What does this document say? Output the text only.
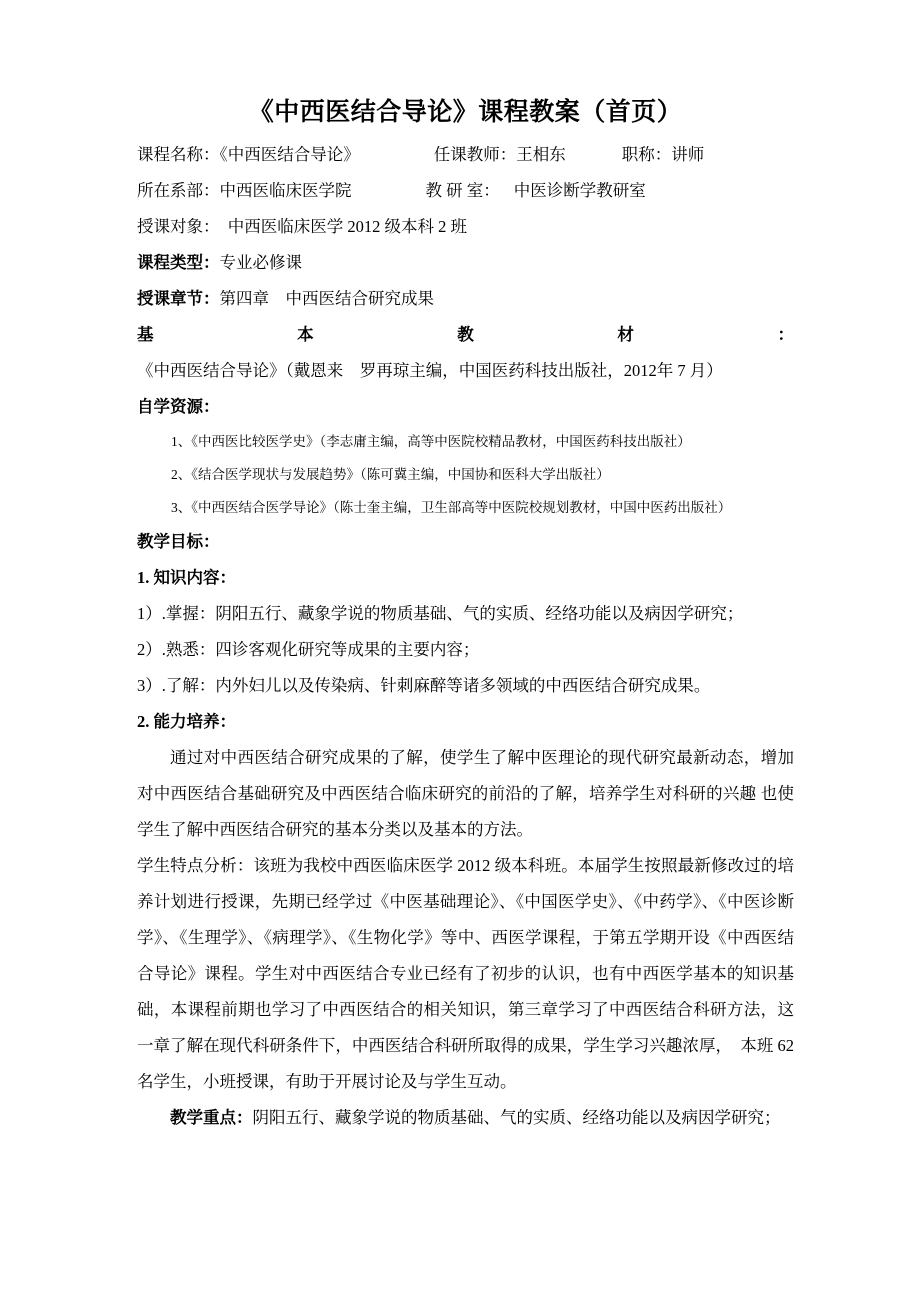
《中西医结合导论》课程教案（首页）
课程名称：《中西医结合导论》	任课教师：王相东	职称：讲师
所在系部：中西医临床医学院	教 研 室： 中医诊断学教研室

授课对象：　中西医临床医学 2012 级本科 2 班

课程类型：专业必修课

授课章节：第四章　中西医结合研究成果

基本教材：《中西医结合导论》（戴恩来　罗再琼主编，中国医药科技出版社，2012年 7 月）

自学资源：

1、《中西医比较医学史》（李志庸主编，高等中医院校精品教材，中国医药科技出版社）

2、《结合医学现状与发展趋势》（陈可冀主编，中国协和医科大学出版社）

3、《中西医结合医学导论》（陈士奎主编，卫生部高等中医院校规划教材，中国中医药出版社）

教学目标：

1. 知识内容：

1）.掌握：阴阳五行、藏象学说的物质基础、气的实质、经络功能以及病因学研究；

2）.熟悉：四诊客观化研究等成果的主要内容；

3）.了解：内外妇儿以及传染病、针刺麻醉等诸多领域的中西医结合研究成果。

2. 能力培养：

通过对中西医结合研究成果的了解，使学生了解中医理论的现代研究最新动态，增加对中西医结合基础研究及中西医结合临床研究的前沿的了解，培养学生对科研的兴趣 也使学生了解中西医结合研究的基本分类以及基本的方法。

学生特点分析：该班为我校中西医临床医学 2012 级本科班。本届学生按照最新修改过的培养计划进行授课，先期已经学过《中医基础理论》、《中国医学史》、《中药学》、《中医诊断学》、《生理学》、《病理学》、《生物化学》等中、西医学课程，于第五学期开设《中西医结合导论》课程。学生对中西医结合专业已经有了初步的认识，也有中西医学基本的知识基础，本课程前期也学习了中西医结合的相关知识，第三章学习了中西医结合科研方法，这一章了解在现代科研条件下，中西医结合科研所取得的成果，学生学习兴趣浓厚，　本班 62 名学生，小班授课，有助于开展讨论及与学生互动。

教学重点：阴阳五行、藏象学说的物质基础、气的实质、经络功能以及病因学研究；
